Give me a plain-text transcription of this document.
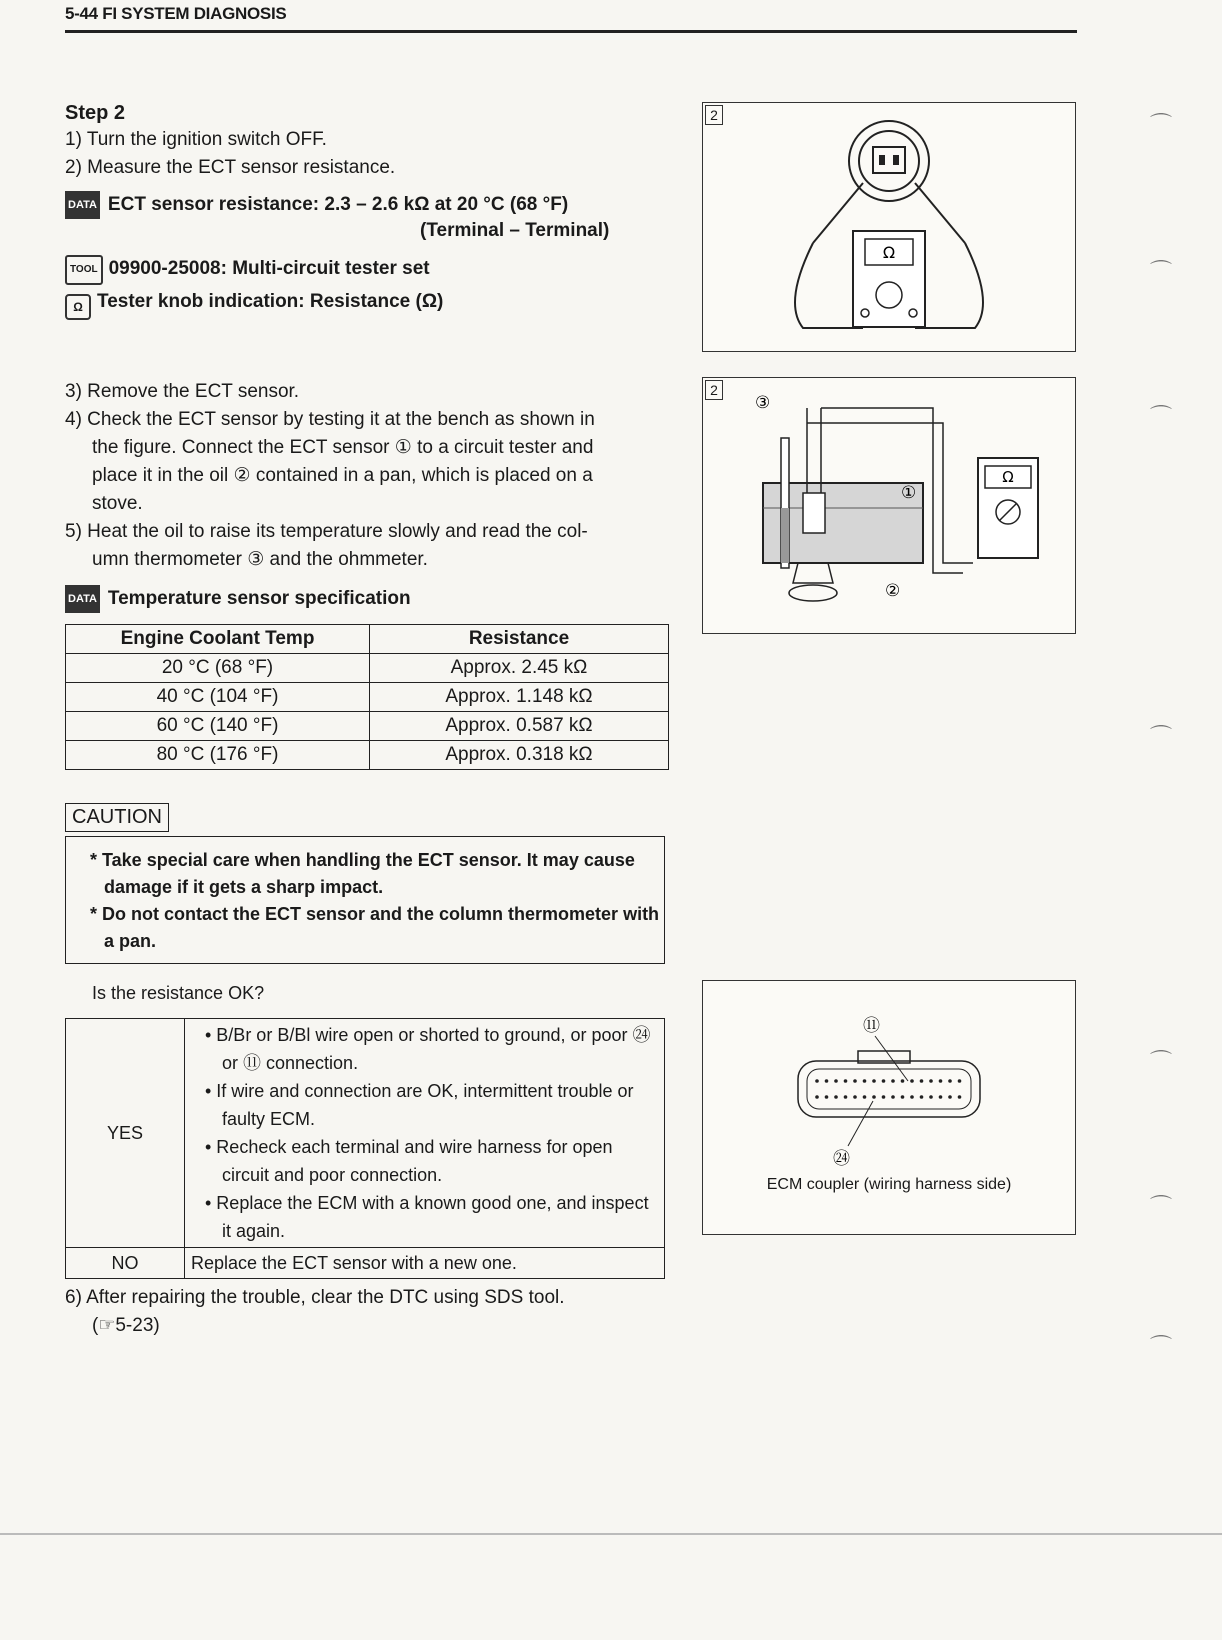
5-44 FI SYSTEM DIAGNOSIS
Step 2
1) Turn the ignition switch OFF.
2) Measure the ECT sensor resistance.
DATA ECT sensor resistance: 2.3 – 2.6 kΩ at 20 °C (68 °F)
(Terminal – Terminal)
TOOL 09900-25008: Multi-circuit tester set
Ω Tester knob indication: Resistance (Ω)
3) Remove the ECT sensor.
4) Check the ECT sensor by testing it at the bench as shown in
the figure. Connect the ECT sensor ① to a circuit tester and
place it in the oil ② contained in a pan, which is placed on a
stove.
5) Heat the oil to raise its temperature slowly and read the col-
umn thermometer ③ and the ohmmeter.
DATA Temperature sensor specification
Engine Coolant Temp	Resistance
20 °C (68 °F)	Approx. 2.45 kΩ
40 °C (104 °F)	Approx. 1.148 kΩ
60 °C (140 °F)	Approx. 0.587 kΩ
80 °C (176 °F)	Approx. 0.318 kΩ
* Take special care when handling the ECT sensor. It may cause damage if it gets a sharp impact.
* Do not contact the ECT sensor and the column thermometer with a pan.
CAUTION
Is the resistance OK?
YES	• B/Br or B/Bl wire open or shorted to ground, or poor ㉔ or ⑪ connection.
• If wire and connection are OK, intermittent trouble or faulty ECM.
• Recheck each terminal and wire harness for open circuit and poor connection.
• Replace the ECM with a known good one, and inspect it again.

NO	Replace the ECT sensor with a new one.
6) After repairing the trouble, clear the DTC using SDS tool.
(☞5-23)
2
Ω
2
Ω
③
①
②
⑪
㉔
ECM coupler (wiring harness side)
⌒
⌒
⌒
⌒
⌒
⌒
⌒
